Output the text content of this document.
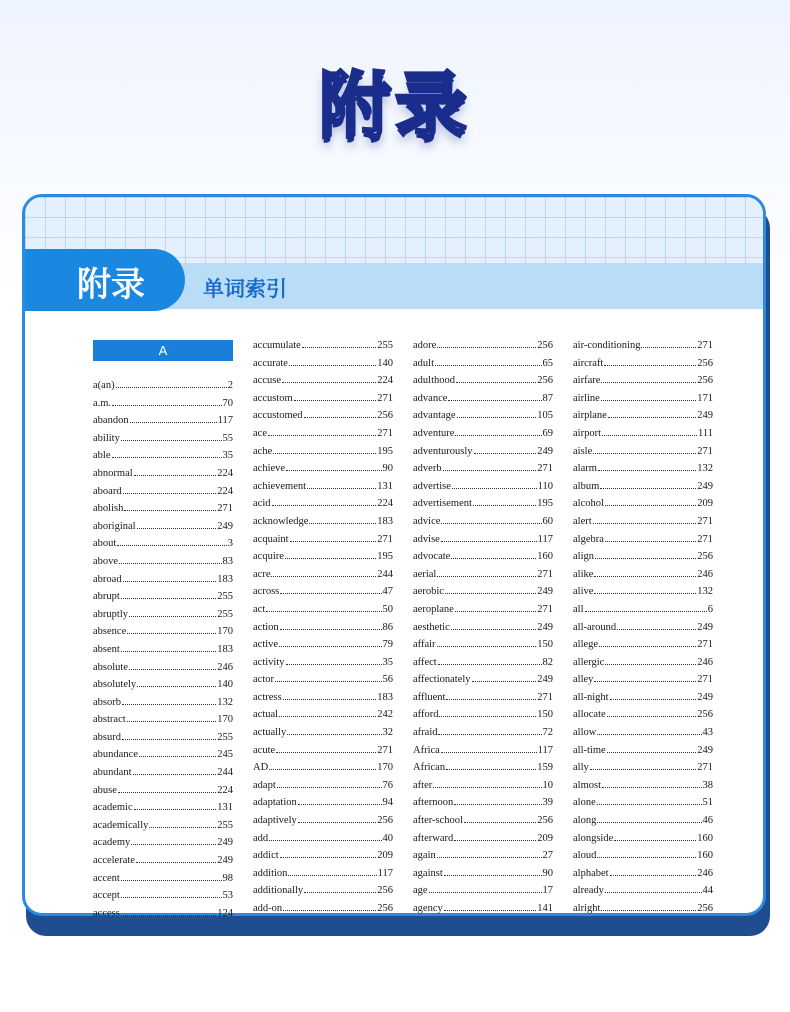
附录
附录	单词索引
A
a(an)	2
a.m.	70
abandon	117
ability	55
able	35
abnormal	224
aboard	224
abolish	271
aboriginal	249
about	3
above	83
abroad	183
abrupt	255
abruptly	255
absence	170
absent	183
absolute	246
absolutely	140
absorb	132
abstract	170
absurd	255
abundance	245
abundant	244
abuse	224
academic	131
academically	255
academy	249
accelerate	249
accent	98
accept	53
access	124
accumulate	255
accurate	140
accuse	224
accustom	271
accustomed	256
ace	271
ache	195
achieve	90
achievement	131
acid	224
acknowledge	183
acquaint	271
acquire	195
acre	244
across	47
act	50
action	86
active	79
activity	35
actor	56
actress	183
actual	242
actually	32
acute	271
AD	170
adapt	76
adaptation	94
adaptively	256
add	40
addict	209
addition	117
additionally	256
add-on	256
adore	256
adult	65
adulthood	256
advance	87
advantage	105
adventure	69
adventurously	249
adverb	271
advertise	110
advertisement	195
advice	60
advise	117
advocate	160
aerial	271
aerobic	249
aeroplane	271
aesthetic	249
affair	150
affect	82
affectionately	249
affluent	271
afford	150
afraid	72
Africa	117
African	159
after	10
afternoon	39
after-school	256
afterward	209
again	27
against	90
age	17
agency	141
air-conditioning	271
aircraft	256
airfare	256
airline	171
airplane	249
airport	111
aisle	271
alarm	132
album	249
alcohol	209
alert	271
algebra	271
align	256
alike	246
alive	132
all	6
all-around	249
allege	271
allergic	246
alley	271
all-night	249
allocate	256
allow	43
all-time	249
ally	271
almost	38
alone	51
along	46
alongside	160
aloud	160
alphabet	246
already	44
alright	256
